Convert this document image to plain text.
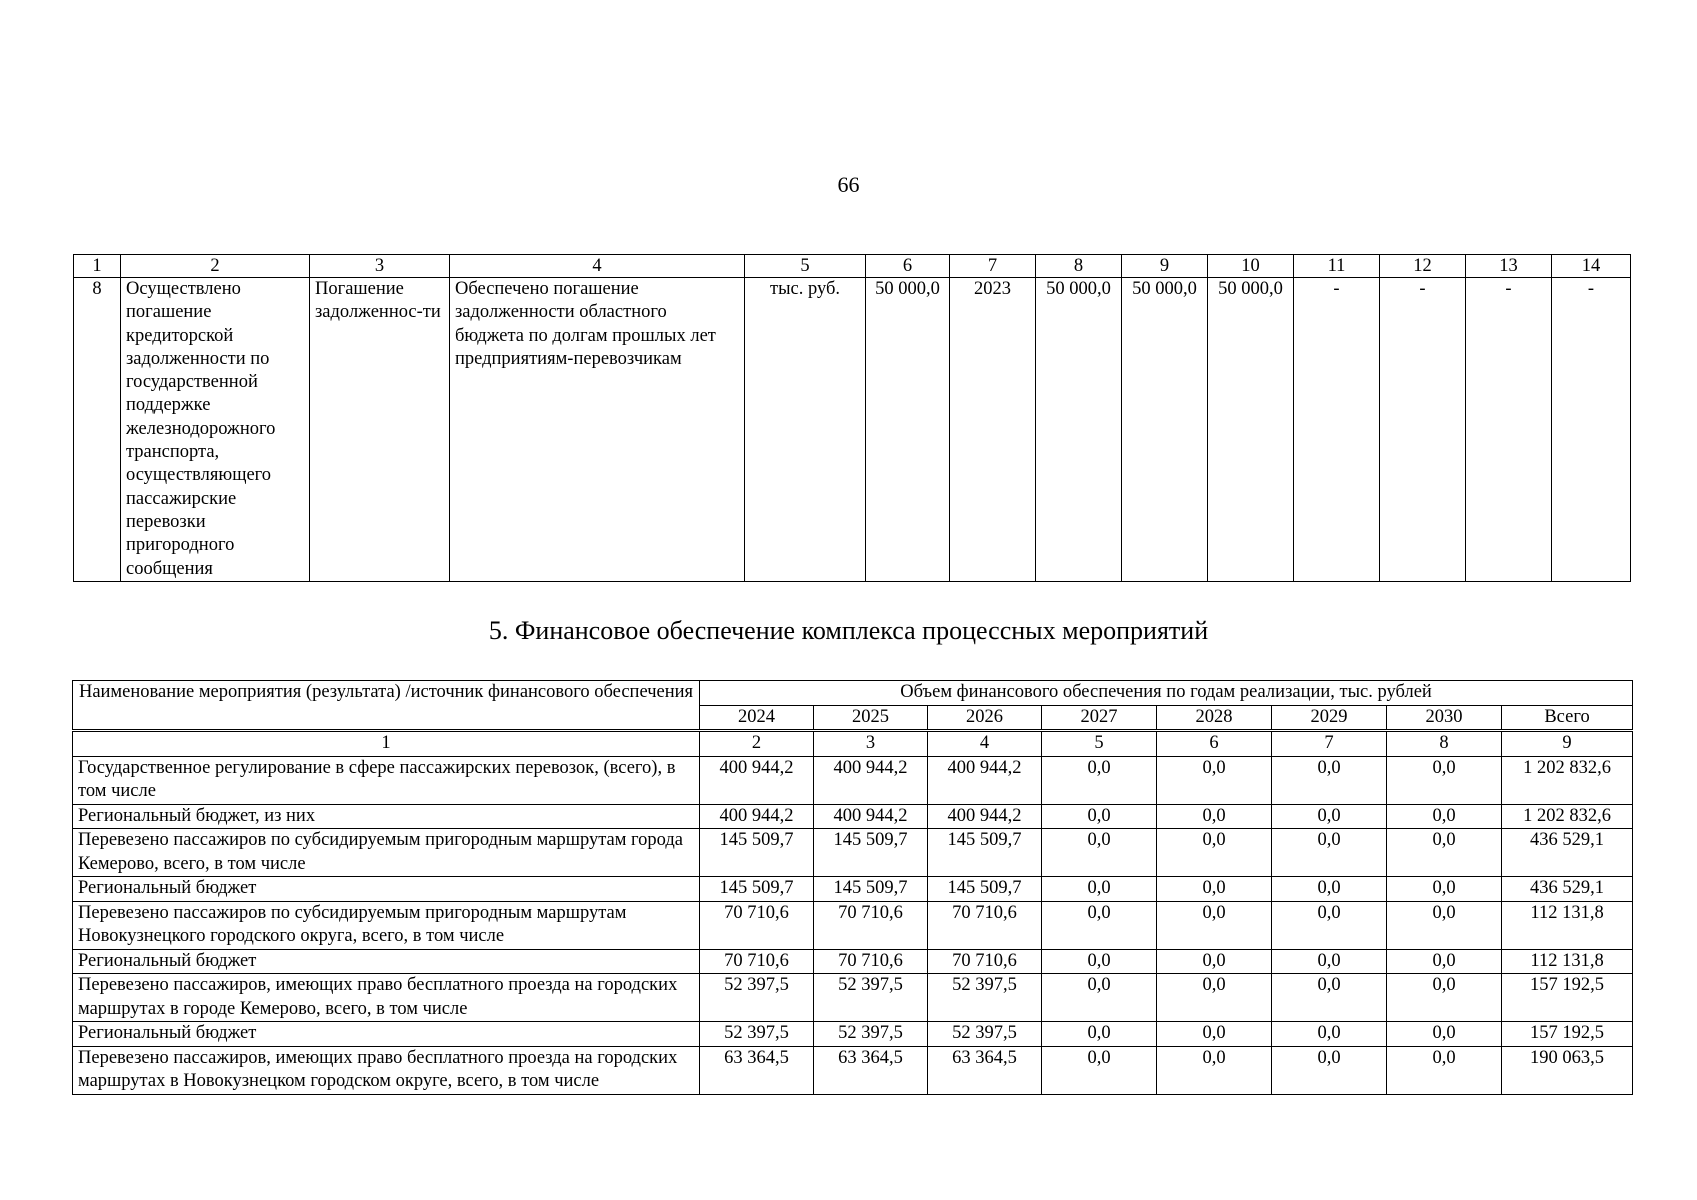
66
1	2	3	4	5	6	7	8	9	10	11	12	13	14
8	Осуществлено погашение кредиторской задолженности по государственной поддержке железнодорожного транспорта, осуществляющего пассажирские перевозки пригородного сообщения	Погашение задолженнос-ти	Обеспечено погашение задолженности областного бюджета по долгам прошлых лет предприятиям-перевозчикам	тыс. руб.	50 000,0	2023	50 000,0	50 000,0	50 000,0	-	-	-	-
5. Финансовое обеспечение комплекса процессных мероприятий
Наименование мероприятия (результата) /источник финансового обеспечения	Объем финансового обеспечения по годам реализации, тыс. рублей							
	2024	2025	2026	2027	2028	2029	2030	Всего
1	2	3	4	5	6	7	8	9
Государственное регулирование в сфере пассажирских перевозок, (всего), в том числе	400 944,2	400 944,2	400 944,2	0,0	0,0	0,0	0,0	1 202 832,6
Региональный бюджет, из них	400 944,2	400 944,2	400 944,2	0,0	0,0	0,0	0,0	1 202 832,6
Перевезено пассажиров по субсидируемым пригородным маршрутам города Кемерово, всего, в том числе	145 509,7	145 509,7	145 509,7	0,0	0,0	0,0	0,0	436 529,1
Региональный бюджет	145 509,7	145 509,7	145 509,7	0,0	0,0	0,0	0,0	436 529,1
Перевезено пассажиров по субсидируемым пригородным маршрутам Новокузнецкого городского округа, всего, в том числе	70 710,6	70 710,6	70 710,6	0,0	0,0	0,0	0,0	112 131,8
Региональный бюджет	70 710,6	70 710,6	70 710,6	0,0	0,0	0,0	0,0	112 131,8
Перевезено пассажиров, имеющих право бесплатного проезда на городских маршрутах в городе Кемерово, всего, в том числе	52 397,5	52 397,5	52 397,5	0,0	0,0	0,0	0,0	157 192,5
Региональный бюджет	52 397,5	52 397,5	52 397,5	0,0	0,0	0,0	0,0	157 192,5
Перевезено пассажиров, имеющих право бесплатного проезда на городских маршрутах в Новокузнецком городском округе, всего, в том числе	63 364,5	63 364,5	63 364,5	0,0	0,0	0,0	0,0	190 063,5
